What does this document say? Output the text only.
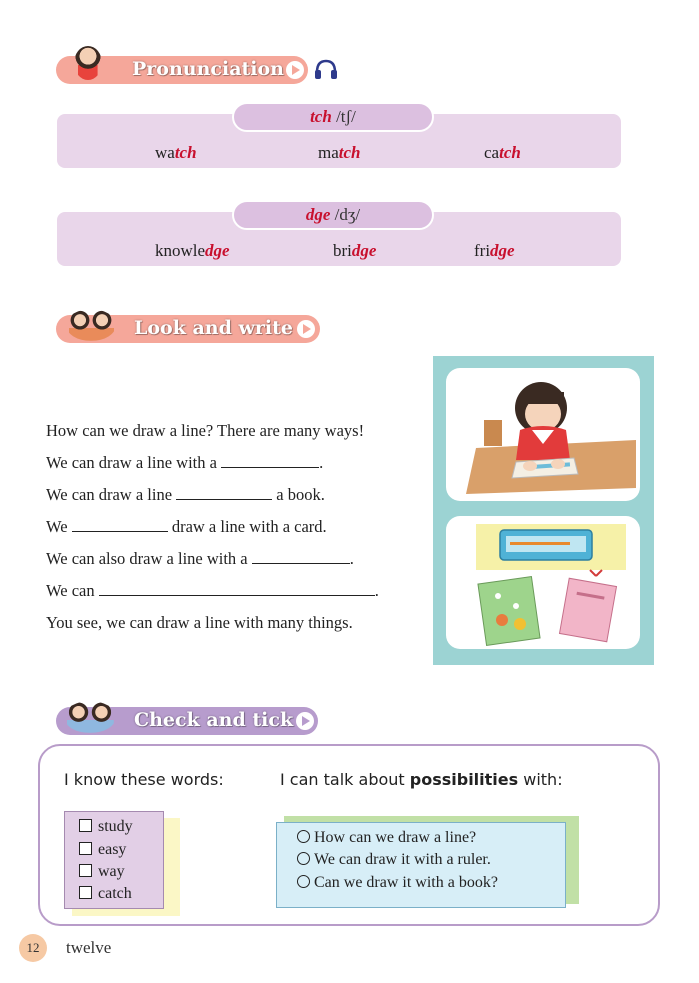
Pronunciation
tch /tʃ/
watch	match	catch
dge /dʒ/
knowledge	bridge	fridge
Look and write
How can we draw a line? There are many ways!
We can draw a line with a	.
We can draw a line	a book.
We	draw a line with a card.
We can also draw a line with a	.
We can	.
You see, we can draw a line with many things.
Check and tick
I know these words:	I can talk about possibilities with:
study
easy
way
catch
How can we draw a line?
We can draw it with a ruler.
Can we draw it with a book?
12	twelve
